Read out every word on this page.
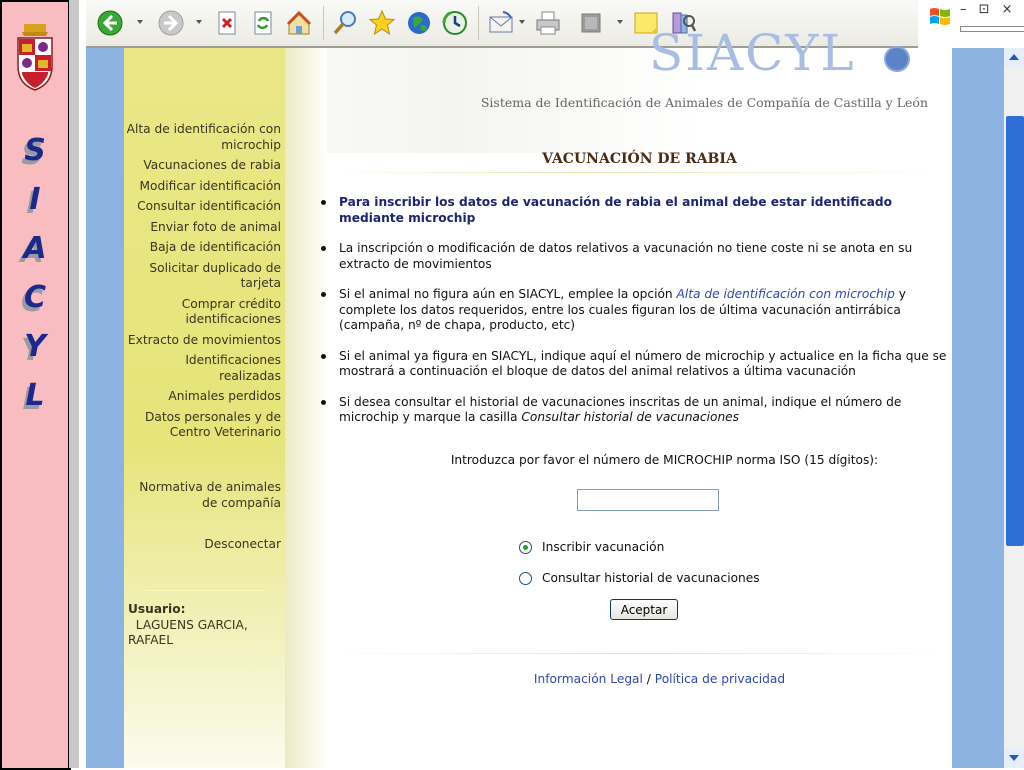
S
I
A
C
Y
L
– ⊡ ×
SIACYL
Sistema de Identificación de Animales de Compañía de Castilla y León
Alta de identificación con microchip
Vacunaciones de rabia
Modificar identificación
Consultar identificación
Enviar foto de animal
Baja de identificación
Solicitar duplicado de tarjeta
Comprar crédito identificaciones
Extracto de movimientos
Identificaciones realizadas
Animales perdidos
Datos personales y de Centro Veterinario
Normativa de animales de compañía
Desconectar
Usuario:
LAGUENS GARCIA, RAFAEL
VACUNACIÓN DE RABIA
Para inscribir los datos de vacunación de rabia el animal debe estar identificado mediante microchip
La inscripción o modificación de datos relativos a vacunación no tiene coste ni se anota en su extracto de movimientos
Si el animal no figura aún en SIACYL, emplee la opción Alta de identificación con microchip y complete los datos requeridos, entre los cuales figuran los de última vacunación antirrábica (campaña, nº de chapa, producto, etc)
Si el animal ya figura en SIACYL, indique aquí el número de microchip y actualice en la ficha que se mostrará a continuación el bloque de datos del animal relativos a última vacunación
Si desea consultar el historial de vacunaciones inscritas de un animal, indique el número de microchip y marque la casilla Consultar historial de vacunaciones
Introduzca por favor el número de MICROCHIP norma ISO (15 dígitos):
Inscribir vacunación
Consultar historial de vacunaciones
Aceptar
Información Legal / Política de privacidad
